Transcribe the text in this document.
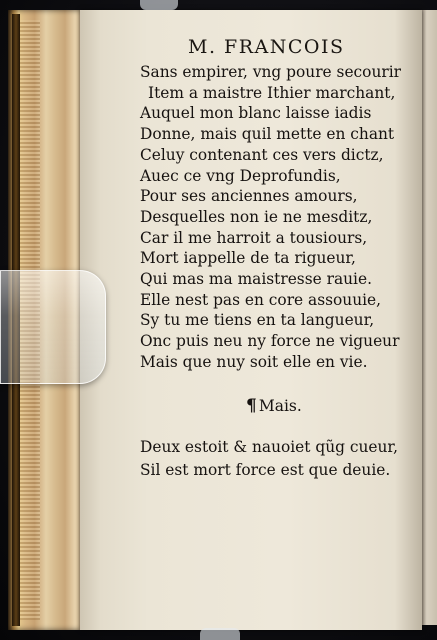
M. FRANCOIS
Sans empirer, vng poure secourir
Item a maistre Ithier marchant,
Auquel mon blanc laisse iadis
Donne, mais quil mette en chant
Celuy contenant ces vers dictz,
Auec ce vng Deprofundis,
Pour ses anciennes amours,
Desquelles non ie ne mesditz,
Car il me harroit a tousiours,
Mort iappelle de ta rigueur,
Qui mas ma maistresse rauie.
Elle nest pas en core assouuie,
Sy tu me tiens en ta langueur,
Onc puis neu ny force ne vigueur
Mais que nuy soit elle en vie.
¶ Mais.
Deux estoit & nauoiet qũg cueur,
Sil est mort force est que deuie.
